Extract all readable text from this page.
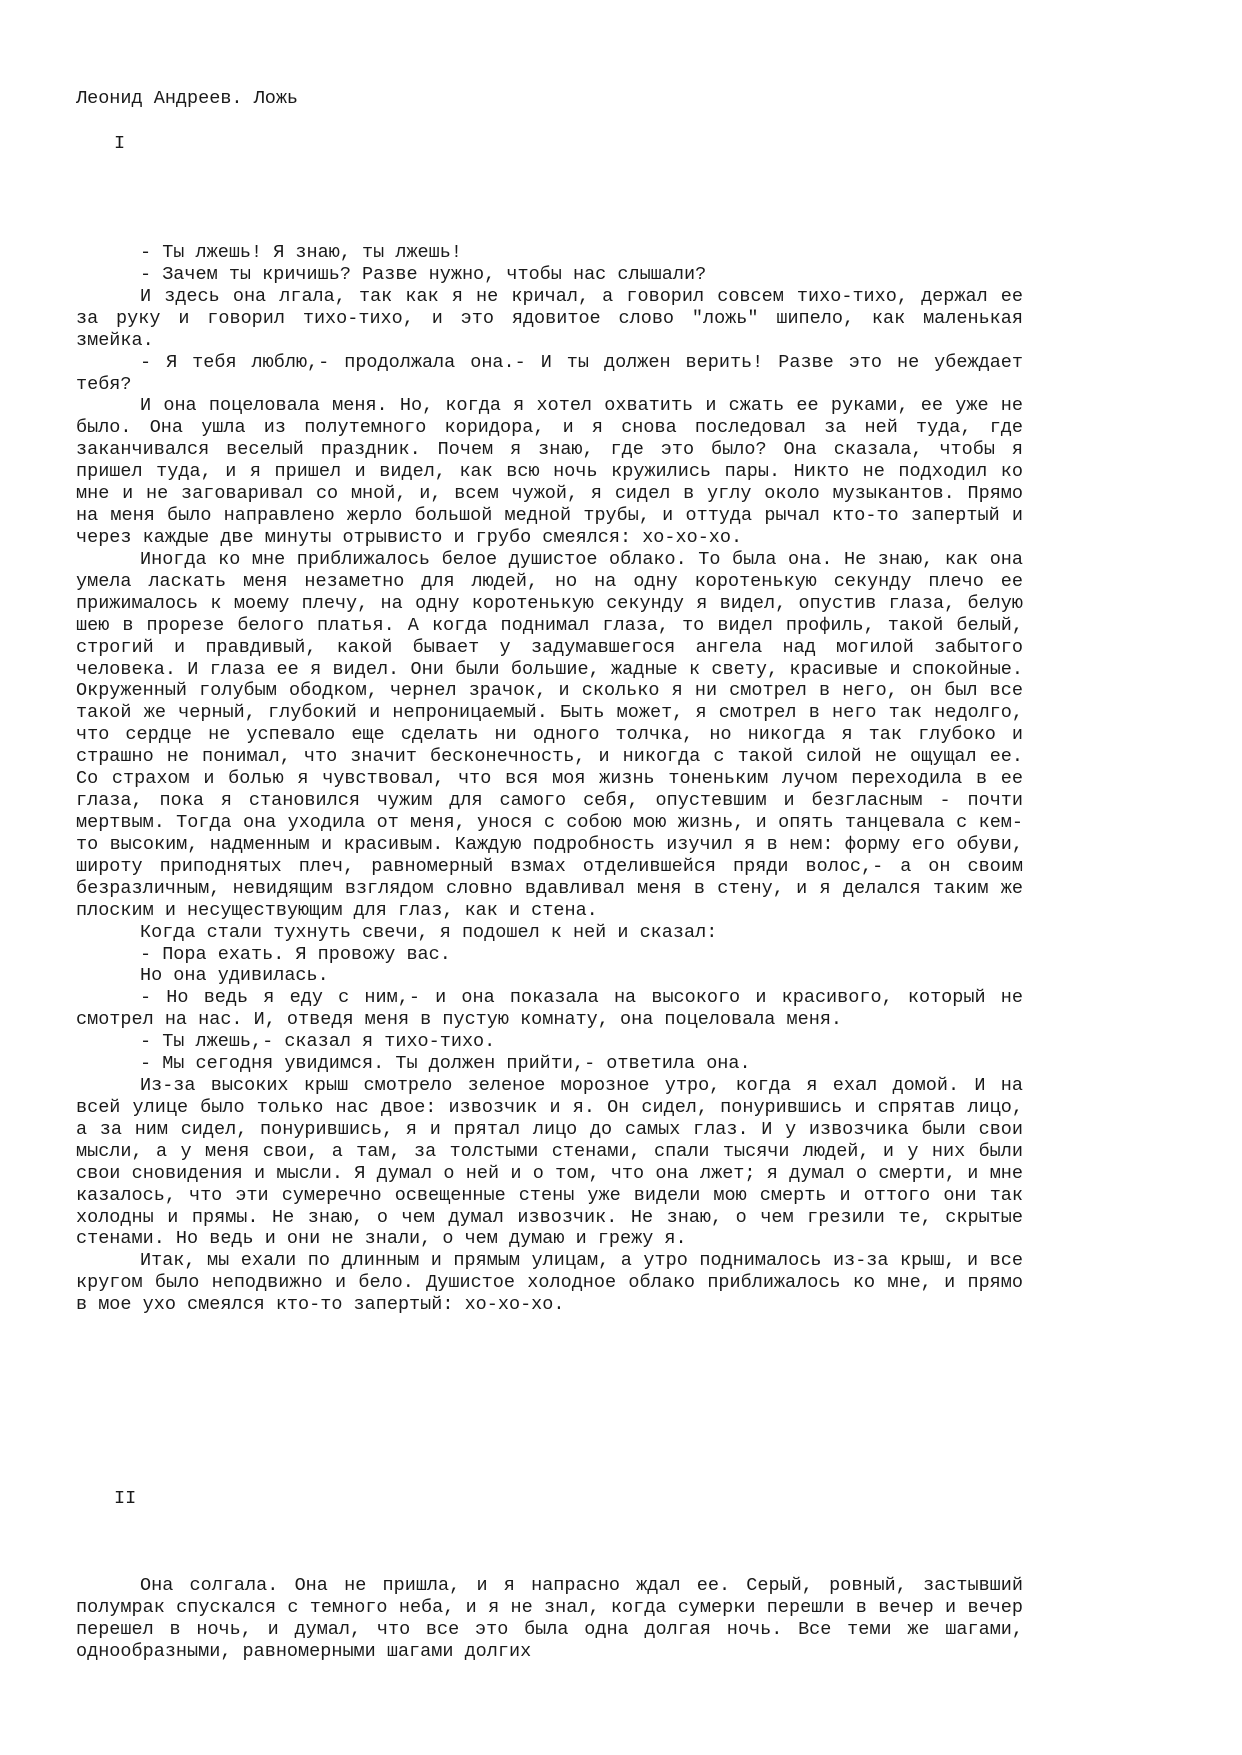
Леонид Андреев. Ложь
I

- Ты лжешь! Я знаю, ты лжешь!

- Зачем ты кричишь? Разве нужно, чтобы нас слышали?

И здесь она лгала, так как я не кричал, а говорил совсем тихо-тихо, держал ее за руку и говорил тихо-тихо, и это ядовитое слово "ложь" шипело, как маленькая змейка.

- Я тебя люблю,- продолжала она.- И ты должен верить! Разве это не убеждает тебя?

И она поцеловала меня. Но, когда я хотел охватить и сжать ее руками, ее уже не было. Она ушла из полутемного коридора, и я снова последовал за ней туда, где заканчивался веселый праздник. Почем я знаю, где это было? Она сказала, чтобы я пришел туда, и я пришел и видел, как всю ночь кружились пары. Никто не подходил ко мне и не заговаривал со мной, и, всем чужой, я сидел в углу около музыкантов. Прямо на меня было направлено жерло большой медной трубы, и оттуда рычал кто-то запертый и через каждые две минуты отрывисто и грубо смеялся: хо-хо-хо.

Иногда ко мне приближалось белое душистое облако. То была она. Не знаю, как она умела ласкать меня незаметно для людей, но на одну коротенькую секунду плечо ее прижималось к моему плечу, на одну коротенькую секунду я видел, опустив глаза, белую шею в прорезе белого платья. А когда поднимал глаза, то видел профиль, такой белый, строгий и правдивый, какой бывает у задумавшегося ангела над могилой забытого человека. И глаза ее я видел. Они были большие, жадные к свету, красивые и спокойные. Окруженный голубым ободком, чернел зрачок, и сколько я ни смотрел в него, он был все такой же черный, глубокий и непроницаемый. Быть может, я смотрел в него так недолго, что сердце не успевало еще сделать ни одного толчка, но никогда я так глубоко и страшно не понимал, что значит бесконечность, и никогда с такой силой не ощущал ее. Со страхом и болью я чувствовал, что вся моя жизнь тоненьким лучом переходила в ее глаза, пока я становился чужим для самого себя, опустевшим и безгласным - почти мертвым. Тогда она уходила от меня, унося с собою мою жизнь, и опять танцевала с кем-то высоким, надменным и красивым. Каждую подробность изучил я в нем: форму его обуви, широту приподнятых плеч, равномерный взмах отделившейся пряди волос,- а он своим безразличным, невидящим взглядом словно вдавливал меня в стену, и я делался таким же плоским и несуществующим для глаз, как и стена.

Когда стали тухнуть свечи, я подошел к ней и сказал:

- Пора ехать. Я провожу вас.

Но она удивилась.

- Но ведь я еду с ним,- и она показала на высокого и красивого, который не смотрел на нас. И, отведя меня в пустую комнату, она поцеловала меня.

- Ты лжешь,- сказал я тихо-тихо.

- Мы сегодня увидимся. Ты должен прийти,- ответила она.

Из-за высоких крыш смотрело зеленое морозное утро, когда я ехал домой. И на всей улице было только нас двое: извозчик и я. Он сидел, понурившись и спрятав лицо, а за ним сидел, понурившись, я и прятал лицо до самых глаз. И у извозчика были свои мысли, а у меня свои, а там, за толстыми стенами, спали тысячи людей, и у них были свои сновидения и мысли. Я думал о ней и о том, что она лжет; я думал о смерти, и мне казалось, что эти сумеречно освещенные стены уже видели мою смерть и оттого они так холодны и прямы. Не знаю, о чем думал извозчик. Не знаю, о чем грезили те, скрытые стенами. Но ведь и они не знали, о чем думаю и грежу я.

Итак, мы ехали по длинным и прямым улицам, а утро поднималось из-за крыш, и все кругом было неподвижно и бело. Душистое холодное облако приближалось ко мне, и прямо в мое ухо смеялся кто-то запертый: хо-хо-хо.

II

Она солгала. Она не пришла, и я напрасно ждал ее. Серый, ровный, застывший полумрак спускался с темного неба, и я не знал, когда сумерки перешли в вечер и вечер перешел в ночь, и думал, что все это была одна долгая ночь. Все теми же шагами, однообразными, равномерными шагами долгих
